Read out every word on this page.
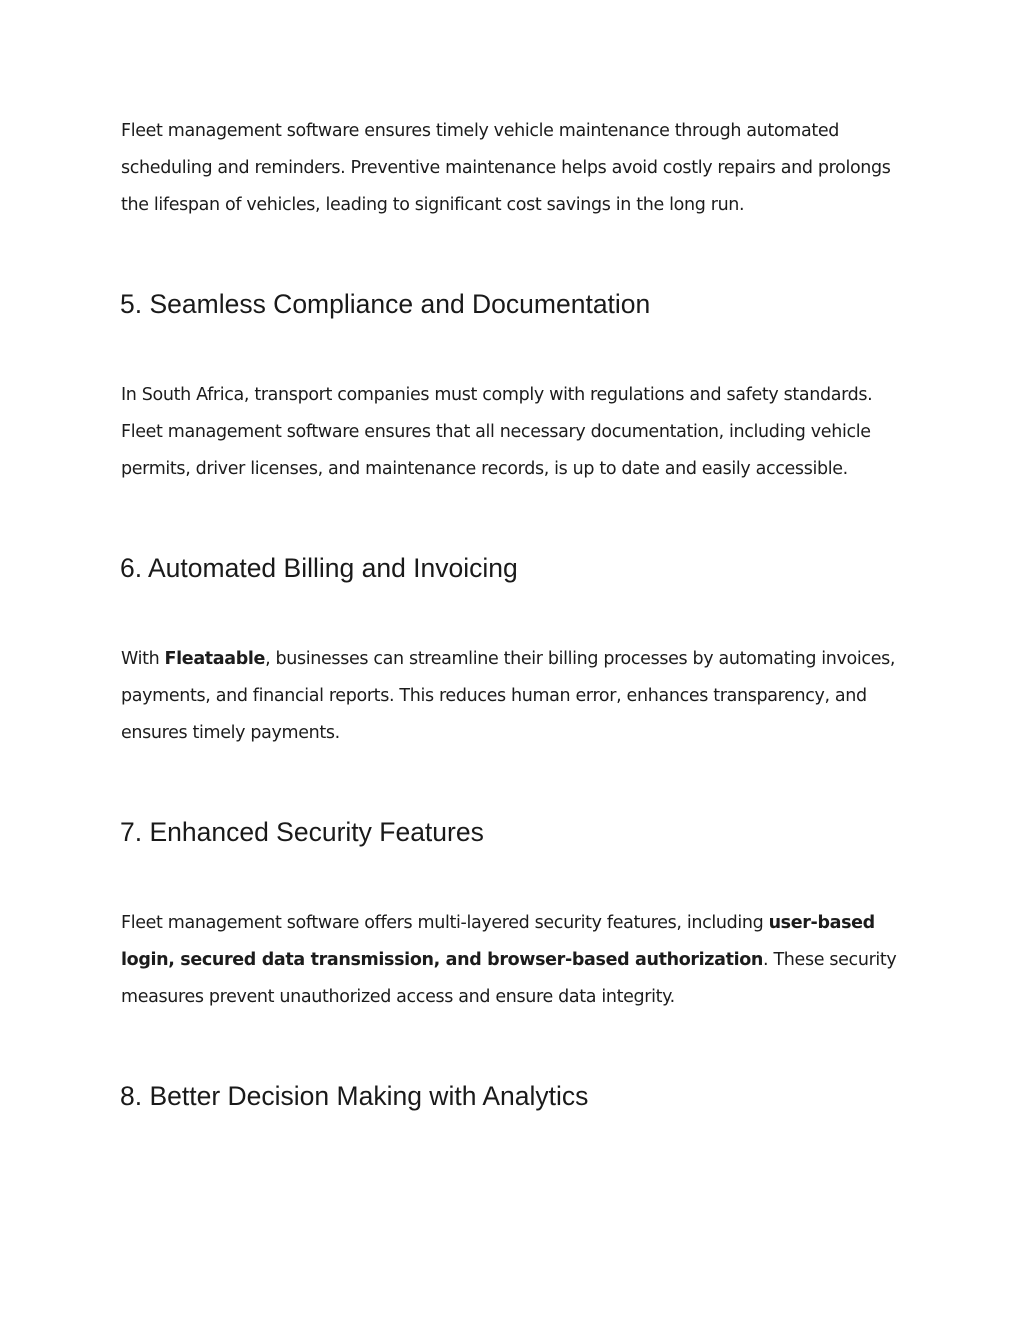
Fleet management software ensures timely vehicle maintenance through automated
scheduling and reminders. Preventive maintenance helps avoid costly repairs and prolongs
the lifespan of vehicles, leading to significant cost savings in the long run.

5. Seamless Compliance and Documentation

In South Africa, transport companies must comply with regulations and safety standards.
Fleet management software ensures that all necessary documentation, including vehicle
permits, driver licenses, and maintenance records, is up to date and easily accessible.

6. Automated Billing and Invoicing

With Fleataable, businesses can streamline their billing processes by automating invoices,
payments, and financial reports. This reduces human error, enhances transparency, and
ensures timely payments.

7. Enhanced Security Features

Fleet management software offers multi-layered security features, including user-based
login, secured data transmission, and browser-based authorization. These security
measures prevent unauthorized access and ensure data integrity.

8. Better Decision Making with Analytics
